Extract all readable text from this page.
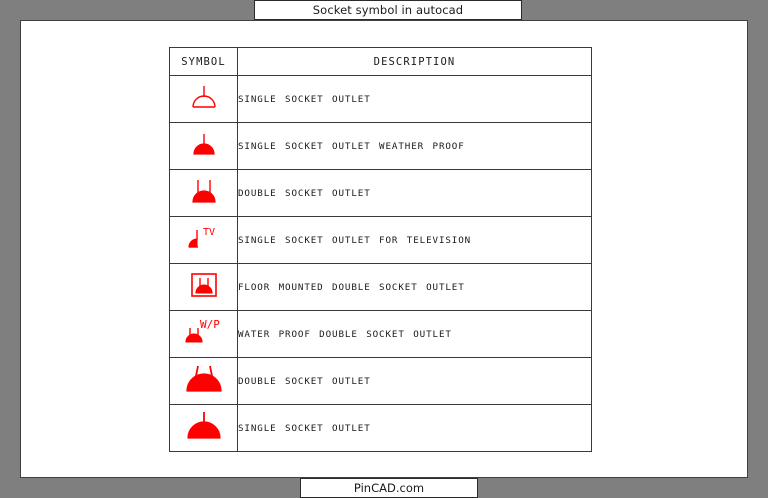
Socket symbol in autocad
SYMBOL	DESCRIPTION

	SINGLE SOCKET OUTLET

	SINGLE SOCKET OUTLET WEATHER PROOF

	DOUBLE SOCKET OUTLET

TV	SINGLE SOCKET OUTLET FOR TELEVISION

	FLOOR MOUNTED DOUBLE SOCKET OUTLET

W/P	WATER PROOF DOUBLE SOCKET OUTLET

	DOUBLE SOCKET OUTLET

	SINGLE SOCKET OUTLET
PinCAD.com
